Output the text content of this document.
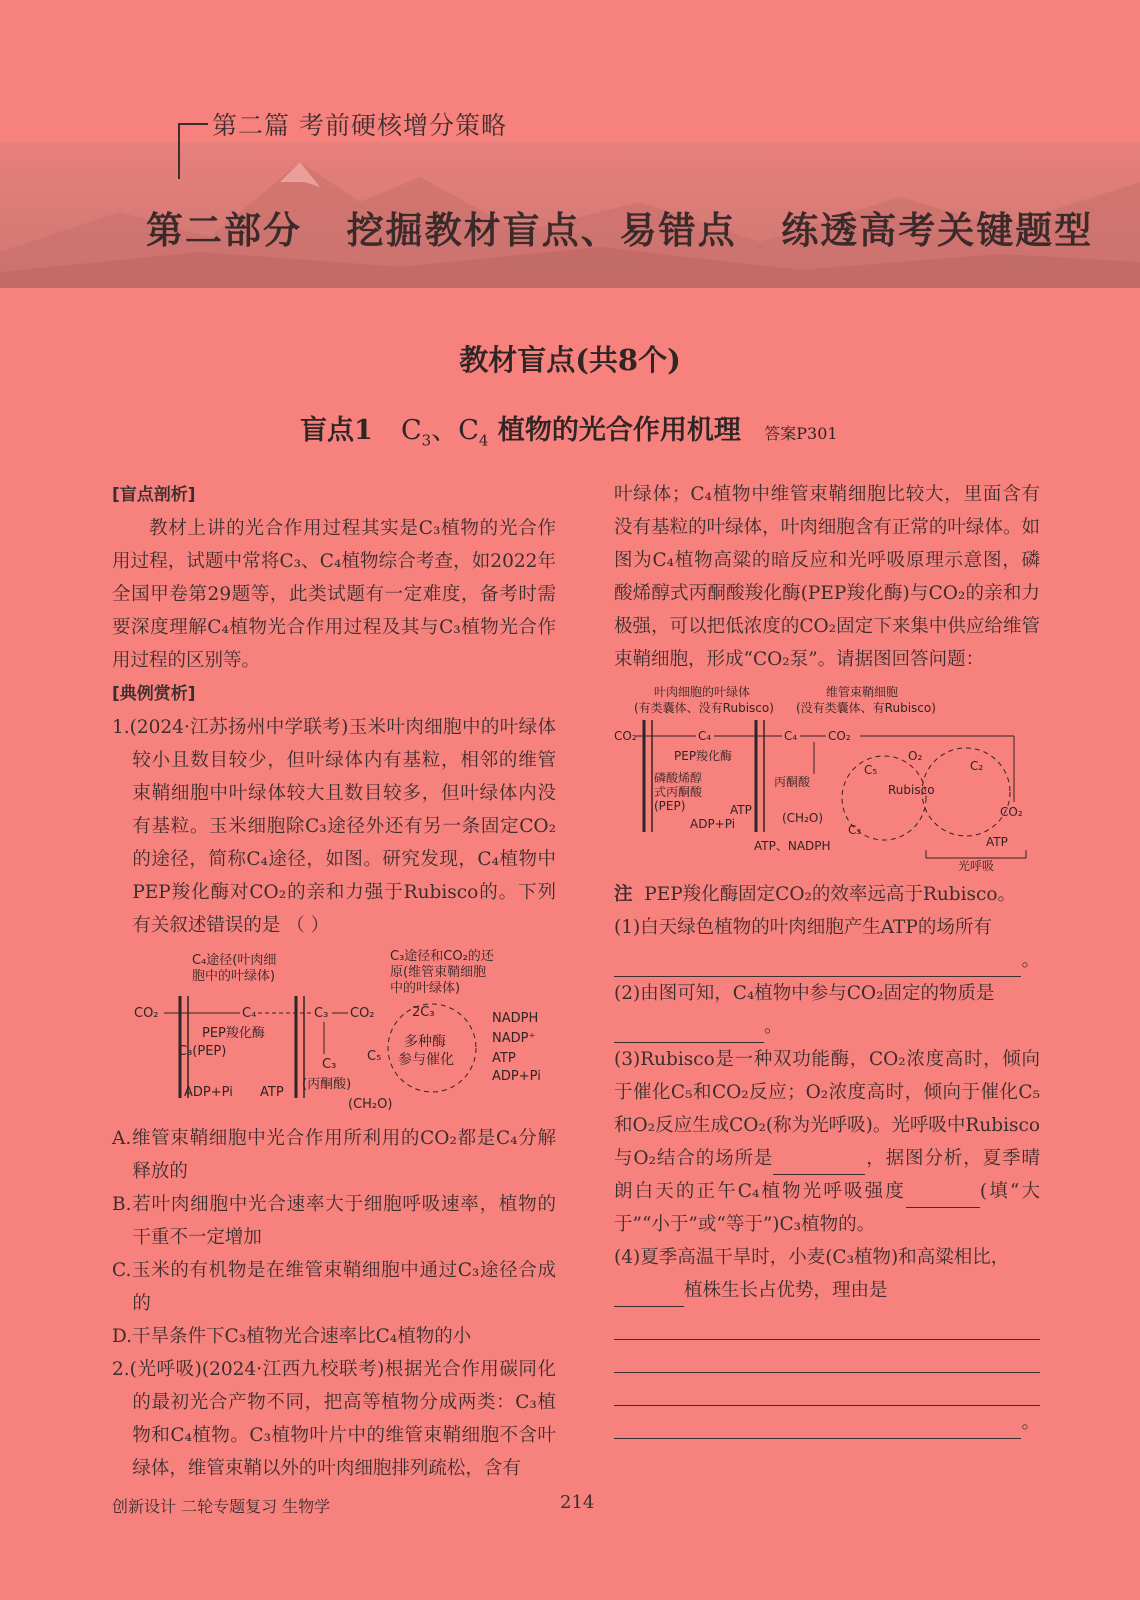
第二篇 考前硬核增分策略
第二部分   挖掘教材盲点、易错点   练透高考关键题型
教材盲点(共8个)
盲点1 $C_3$、$C_4$ 植物的光合作用机理 答案P301
[盲点剖析]

教材上讲的光合作用过程其实是C₃植物的光合作用过程，试题中常将C₃、C₄植物综合考查，如2022年全国甲卷第29题等，此类试题有一定难度，备考时需要深度理解C₄植物光合作用过程及其与C₃植物光合作用过程的区别等。

[典例赏析]

1.(2024·江苏扬州中学联考)玉米叶肉细胞中的叶绿体较小且数目较少，但叶绿体内有基粒，相邻的维管束鞘细胞中叶绿体较大且数目较多，但叶绿体内没有基粒。玉米细胞除C₃途径外还有另一条固定CO₂的途径，简称C₄途径，如图。研究发现，C₄植物中PEP羧化酶对CO₂的亲和力强于Rubisco的。下列有关叙述错误的是 （ ）

C₄途径(叶肉细
胞中的叶绿体)
C₃途径和CO₂的还
原(维管束鞘细胞
中的叶绿体)
CO₂	C₄	C₃ CO₂	2C₃
PEP羧化酶
C₃(PEP)	C₅
多种酶
参与催化
C₃
(丙酮酸)
NADPH
NADP⁺
ATP
ADP+Pi
ADP+Pi ATP
(CH₂O)

A.维管束鞘细胞中光合作用所利用的CO₂都是C₄分解释放的

B.若叶肉细胞中光合速率大于细胞呼吸速率，植物的干重不一定增加

C.玉米的有机物是在维管束鞘细胞中通过C₃途径合成的

D.干旱条件下C₃植物光合速率比C₄植物的小

2.(光呼吸)(2024·江西九校联考)根据光合作用碳同化的最初光合产物不同，把高等植物分成两类：C₃植物和C₄植物。C₃植物叶片中的维管束鞘细胞不含叶绿体，维管束鞘以外的叶肉细胞排列疏松，含有

叶绿体；C₄植物中维管束鞘细胞比较大，里面含有没有基粒的叶绿体，叶肉细胞含有正常的叶绿体。如图为C₄植物高粱的暗反应和光呼吸原理示意图，磷酸烯醇式丙酮酸羧化酶(PEP羧化酶)与CO₂的亲和力极强，可以把低浓度的CO₂固定下来集中供应给维管束鞘细胞，形成“CO₂泵”。请据图回答问题：

叶肉细胞的叶绿体
(有类囊体、没有Rubisco)
维管束鞘细胞
(没有类囊体、有Rubisco)
CO₂	C₄	C₄	CO₂
O₂
C₅	C₂
Rubisco
PEP羧化酶
磷酸烯醇
式丙酮酸
(PEP)
丙酮酸
ATP
ADP+Pi	(CH₂O)
C₃
ATP、NADPH
CO₂
ATP
光呼吸

注 PEP羧化酶固定CO₂的效率远高于Rubisco。

(1)白天绿色植物的叶肉细胞产生ATP的场所有

。

(2)由图可知，C₄植物中参与CO₂固定的物质是

。

(3)Rubisco是一种双功能酶，CO₂浓度高时，倾向于催化C₅和CO₂反应；O₂浓度高时，倾向于催化C₅和O₂反应生成CO₂(称为光呼吸)。光呼吸中Rubisco与O₂结合的场所是	，据图分析，夏季晴朗白天的正午C₄植物光呼吸强度	(填“大于”“小于”或“等于”)C₃植物的。

(4)夏季高温干旱时，小麦(C₃植物)和高粱相比，
植株生长占优势，理由是

。
创新设计 二轮专题复习 生物学	214
